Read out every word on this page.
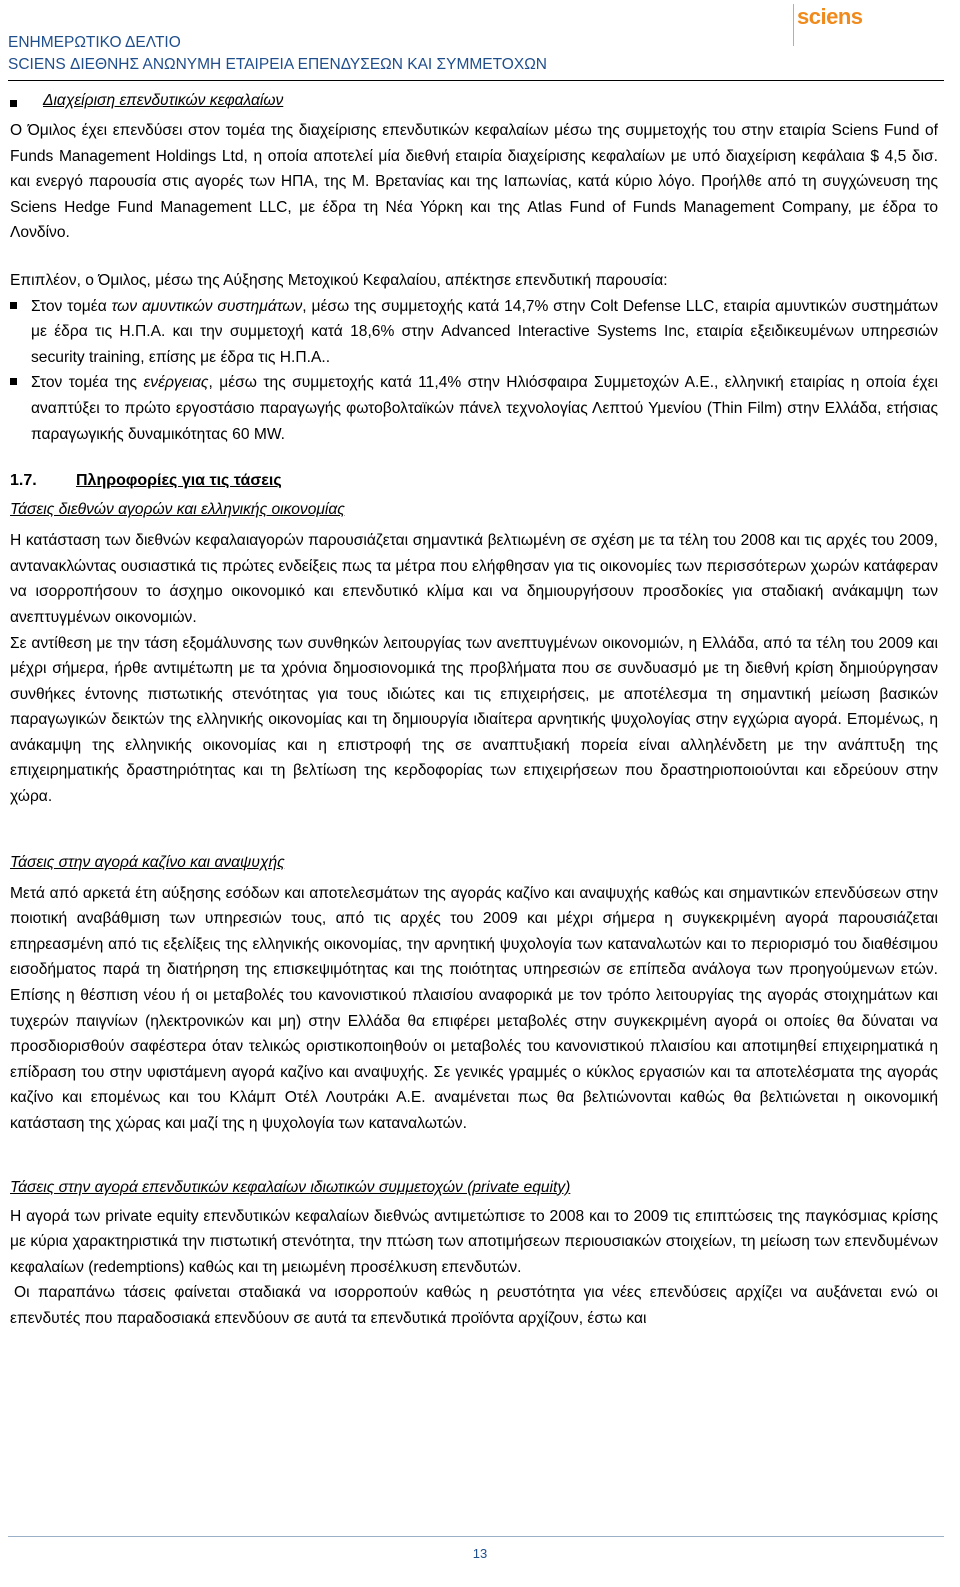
ΕΝΗΜΕΡΩΤΙΚΟ ΔΕΛΤΙΟ
SCIENS ΔΙΕΘΝΗΣ ΑΝΩΝΥΜΗ ΕΤΑΙΡΕΙΑ ΕΠΕΝΔΥΣΕΩΝ ΚΑΙ ΣΥΜΜΕΤΟΧΩΝ
sciens
Διαχείριση επενδυτικών κεφαλαίων

Ο Όμιλος έχει επενδύσει στον τομέα της διαχείρισης επενδυτικών κεφαλαίων μέσω της συμμετοχής του στην εταιρία Sciens Fund of Funds Management Holdings Ltd, η οποία αποτελεί μία διεθνή εταιρία διαχείρισης κεφαλαίων με υπό διαχείριση κεφάλαια $ 4,5 δισ. και ενεργό παρουσία στις αγορές των ΗΠΑ, της Μ. Βρετανίας και της Ιαπωνίας, κατά κύριο λόγο. Προήλθε από τη συγχώνευση της Sciens Hedge Fund Management LLC, με έδρα τη Νέα Υόρκη και της Atlas Fund of Funds Management Company, με έδρα το Λονδίνο.

Επιπλέον, ο Όμιλος, μέσω της Αύξησης Μετοχικού Κεφαλαίου, απέκτησε επενδυτική παρουσία:

Στον τομέα των αμυντικών συστημάτων, μέσω της συμμετοχής κατά 14,7% στην Colt Defense LLC, εταιρία αμυντικών συστημάτων με έδρα τις Η.Π.Α. και την συμμετοχή κατά 18,6% στην Advanced Interactive Systems Inc, εταιρία εξειδικευμένων υπηρεσιών security training, επίσης με έδρα τις Η.Π.Α..

Στον τομέα της ενέργειας, μέσω της συμμετοχής κατά 11,4% στην Ηλιόσφαιρα Συμμετοχών Α.Ε., ελληνική εταιρίας η οποία έχει αναπτύξει το πρώτο εργοστάσιο παραγωγής φωτοβολταϊκών πάνελ τεχνολογίας Λεπτού Υμενίου (Thin Film) στην Ελλάδα, ετήσιας παραγωγικής δυναμικότητας 60 MW.

1.7.	Πληροφορίες για τις τάσεις
Τάσεις διεθνών αγορών και ελληνικής οικονομίας

Η κατάσταση των διεθνών κεφαλαιαγορών παρουσιάζεται σημαντικά βελτιωμένη σε σχέση με τα τέλη του 2008 και τις αρχές του 2009, αντανακλώντας ουσιαστικά τις πρώτες ενδείξεις πως τα μέτρα που ελήφθησαν για τις οικονομίες των περισσότερων χωρών κατάφεραν να ισορροπήσουν το άσχημο οικονομικό και επενδυτικό κλίμα και να δημιουργήσουν προσδοκίες για σταδιακή ανάκαμψη των ανεπτυγμένων οικονομιών.

Σε αντίθεση με την τάση εξομάλυνσης των συνθηκών λειτουργίας των ανεπτυγμένων οικονομιών, η Ελλάδα, από τα τέλη του 2009 και μέχρι σήμερα, ήρθε αντιμέτωπη με τα χρόνια δημοσιονομικά της προβλήματα που σε συνδυασμό με τη διεθνή κρίση δημιούργησαν συνθήκες έντονης πιστωτικής στενότητας για τους ιδιώτες και τις επιχειρήσεις, με αποτέλεσμα τη σημαντική μείωση βασικών παραγωγικών δεικτών της ελληνικής οικονομίας και τη δημιουργία ιδιαίτερα αρνητικής ψυχολογίας στην εγχώρια αγορά. Επομένως, η ανάκαμψη της ελληνικής οικονομίας και η επιστροφή της σε αναπτυξιακή πορεία είναι αλληλένδετη με την ανάπτυξη της επιχειρηματικής δραστηριότητας και τη βελτίωση της κερδοφορίας των επιχειρήσεων που δραστηριοποιούνται και εδρεύουν στην χώρα.

Τάσεις στην αγορά καζίνο και αναψυχής

Μετά από αρκετά έτη αύξησης εσόδων και αποτελεσμάτων της αγοράς καζίνο και αναψυχής καθώς και σημαντικών επενδύσεων στην ποιοτική αναβάθμιση των υπηρεσιών τους, από τις αρχές του 2009 και μέχρι σήμερα η συγκεκριμένη αγορά παρουσιάζεται επηρεασμένη από τις εξελίξεις της ελληνικής οικονομίας, την αρνητική ψυχολογία των καταναλωτών και το περιορισμό του διαθέσιμου εισοδήματος παρά τη διατήρηση της επισκεψιμότητας και της ποιότητας υπηρεσιών σε επίπεδα ανάλογα των προηγούμενων ετών. Επίσης η θέσπιση νέου ή οι μεταβολές του κανονιστικού πλαισίου αναφορικά με τον τρόπο λειτουργίας της αγοράς στοιχημάτων και τυχερών παιγνίων (ηλεκτρονικών και μη) στην Ελλάδα θα επιφέρει μεταβολές στην συγκεκριμένη αγορά οι οποίες θα δύναται να προσδιορισθούν σαφέστερα όταν τελικώς οριστικοποιηθούν οι μεταβολές του κανονιστικού πλαισίου και αποτιμηθεί επιχειρηματικά η επίδραση του στην υφιστάμενη αγορά καζίνο και αναψυχής. Σε γενικές γραμμές ο κύκλος εργασιών και τα αποτελέσματα της αγοράς καζίνο και επομένως και του Κλάμπ Οτέλ Λουτράκι Α.Ε. αναμένεται πως θα βελτιώνονται καθώς θα βελτιώνεται η οικονομική κατάσταση της χώρας και μαζί της η ψυχολογία των καταναλωτών.

Τάσεις στην αγορά επενδυτικών κεφαλαίων ιδιωτικών συμμετοχών (private equity)

Η αγορά των private equity επενδυτικών κεφαλαίων διεθνώς αντιμετώπισε το 2008 και το 2009 τις επιπτώσεις της παγκόσμιας κρίσης με κύρια χαρακτηριστικά την πιστωτική στενότητα, την πτώση των αποτιμήσεων περιουσιακών στοιχείων, τη μείωση των επενδυμένων κεφαλαίων (redemptions) καθώς και τη μειωμένη προσέλκυση επενδυτών.

Οι παραπάνω τάσεις φαίνεται σταδιακά να ισορροπούν καθώς η ρευστότητα για νέες επενδύσεις αρχίζει να αυξάνεται ενώ οι επενδυτές που παραδοσιακά επενδύουν σε αυτά τα επενδυτικά προϊόντα αρχίζουν, έστω και

13
